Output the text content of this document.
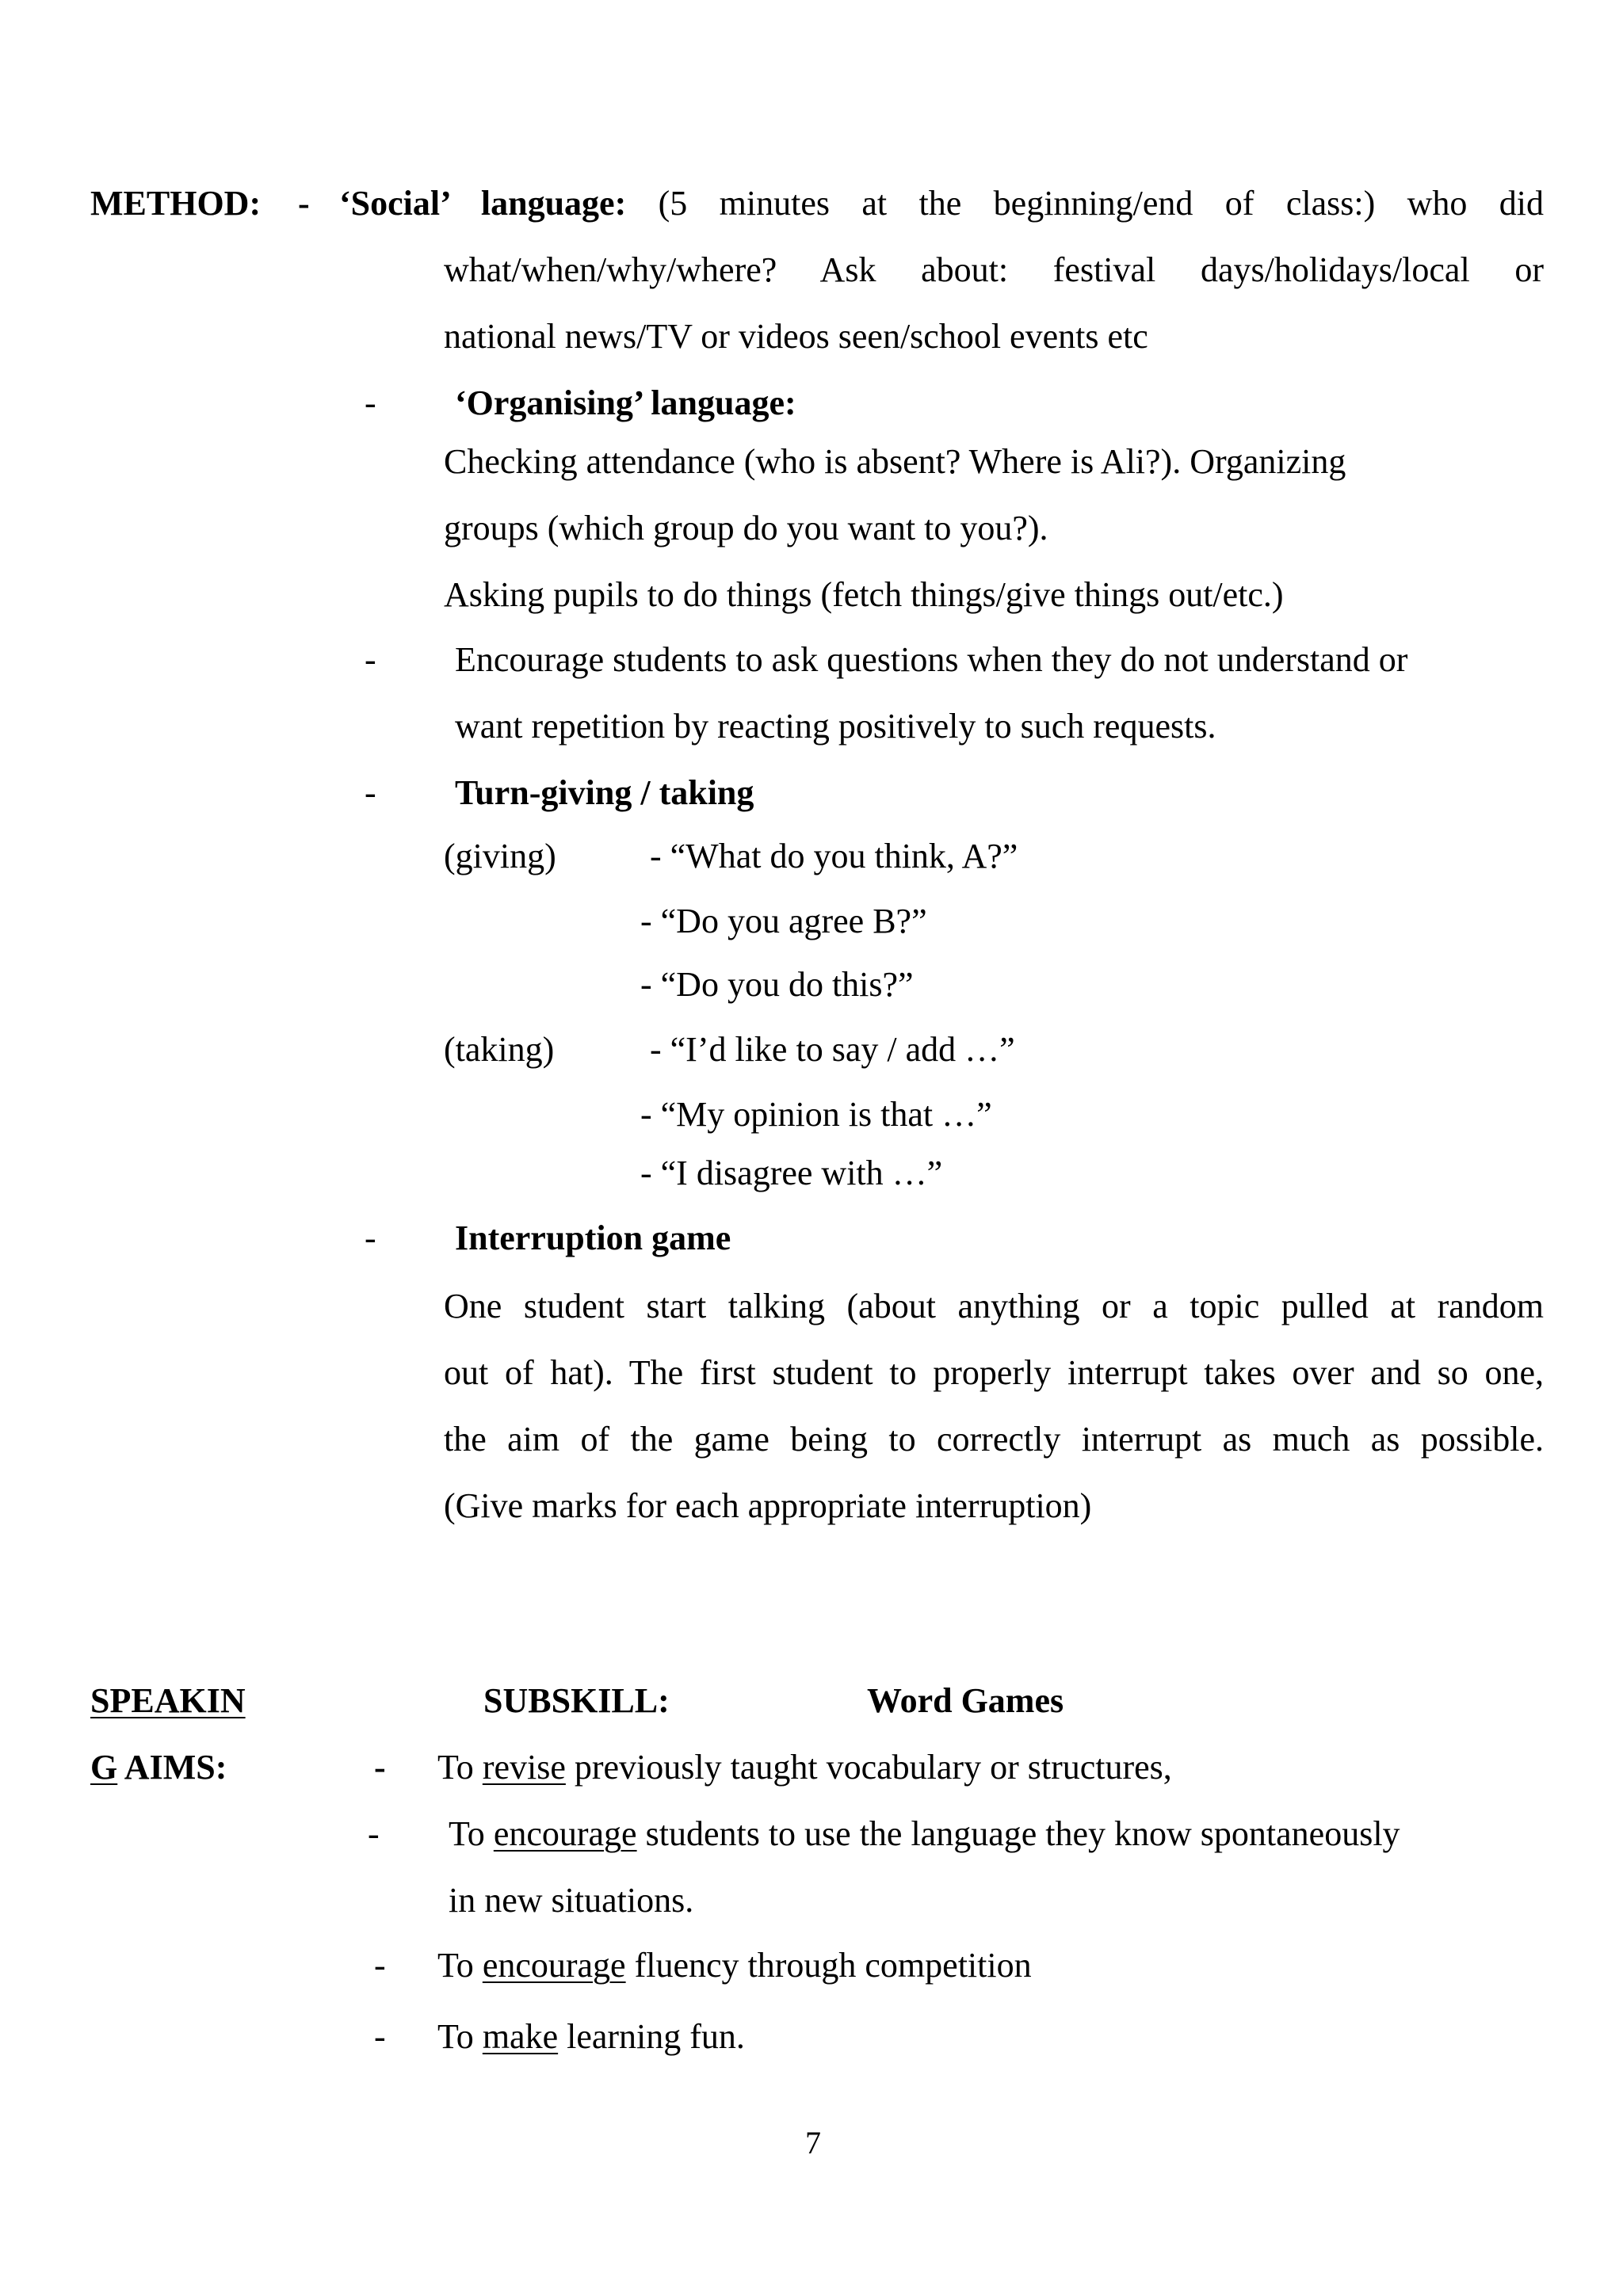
METHOD: - ‘Social’ language: (5 minutes at the beginning/end of class:) who did
what/when/why/where? Ask about: festival days/holidays/local or
national news/TV or videos seen/school events etc
- ‘Organising’ language:
Checking attendance (who is absent? Where is Ali?). Organizing
groups (which group do you want to you?).
Asking pupils to do things (fetch things/give things out/etc.)
- Encourage students to ask questions when they do not understand or
want repetition by reacting positively to such requests.
- Turn-giving / taking
(giving)	- “What do you think, A?”
- “Do you agree B?”
- “Do you do this?”
(taking)	- “I’d like to say / add …”
- “My opinion is that …”
- “I disagree with …”
- Interruption game
One student start talking (about anything or a topic pulled at random
out of hat). The first student to properly interrupt takes over and so one,
the aim of the game being to correctly interrupt as much as possible.
(Give marks for each appropriate interruption)
SPEAKIN	SUBSKILL:	Word Games
G AIMS:	- To revise previously taught vocabulary or structures,
- To encourage students to use the language they know spontaneously
in new situations.
- To encourage fluency through competition
- To make learning fun.
7
